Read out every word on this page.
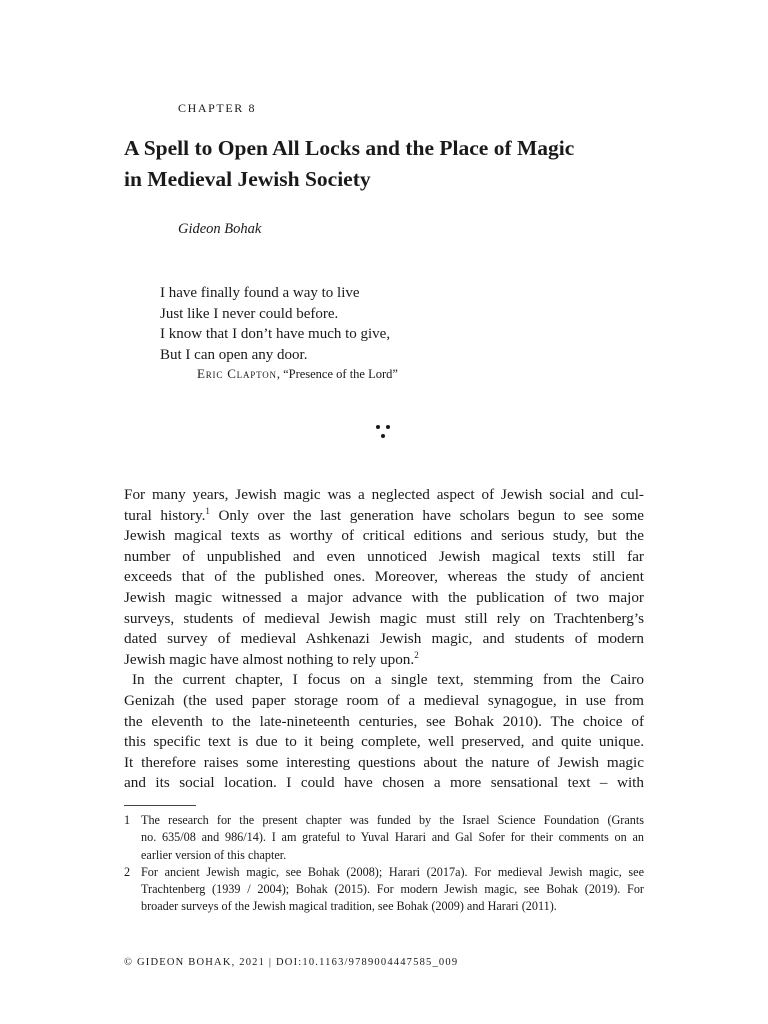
CHAPTER 8
A Spell to Open All Locks and the Place of Magic
in Medieval Jewish Society
Gideon Bohak
I have finally found a way to live
Just like I never could before.
I know that I don’t have much to give,
But I can open any door.
Eric Clapton, “Presence of the Lord”

For many years, Jewish magic was a neglected aspect of Jewish social and cul-
tural history.$^1$ Only over the last generation have scholars begun to see some
Jewish magical texts as worthy of critical editions and serious study, but the
number of unpublished and even unnoticed Jewish magical texts still far
exceeds that of the published ones. Moreover, whereas the study of ancient
Jewish magic witnessed a major advance with the publication of two major
surveys, students of medieval Jewish magic must still rely on Trachtenberg’s
dated survey of medieval Ashkenazi Jewish magic, and students of modern
Jewish magic have almost nothing to rely upon.$^2$

In the current chapter, I focus on a single text, stemming from the Cairo
Genizah (the used paper storage room of a medieval synagogue, in use from
the eleventh to the late-nineteenth centuries, see Bohak 2010). The choice of
this specific text is due to it being complete, well preserved, and quite unique.
It therefore raises some interesting questions about the nature of Jewish magic
and its social location. I could have chosen a more sensational text – with

1 The research for the present chapter was funded by the Israel Science Foundation (Grants
no. 635/08 and 986/14). I am grateful to Yuval Harari and Gal Sofer for their comments on an
earlier version of this chapter.
2 For ancient Jewish magic, see Bohak (2008); Harari (2017a). For medieval Jewish magic, see
Trachtenberg (1939 / 2004); Bohak (2015). For modern Jewish magic, see Bohak (2019). For
broader surveys of the Jewish magical tradition, see Bohak (2009) and Harari (2011).
© GIDEON BOHAK, 2021 | DOI:10.1163/9789004447585_009
